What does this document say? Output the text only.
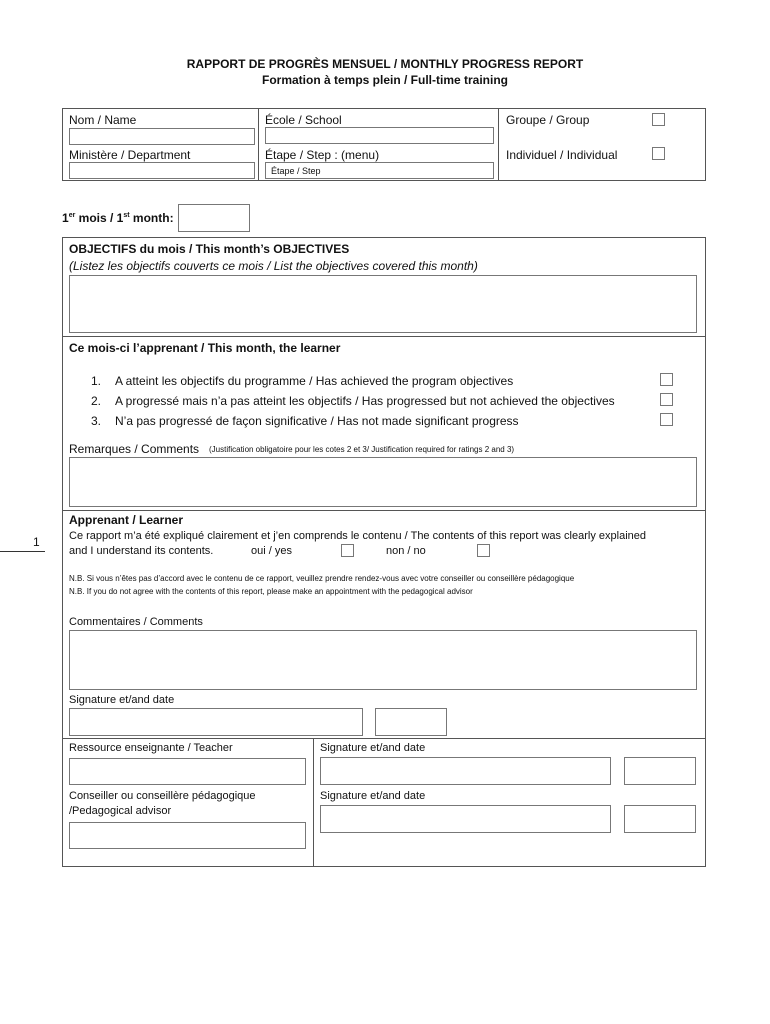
RAPPORT DE PROGRÈS MENSUEL / MONTHLY PROGRESS REPORT
Formation à temps plein / Full-time training
Nom / Name
Ministère / Department
École / School
Étape / Step : (menu)
Étape / Step
Groupe / Group
Individuel / Individual
1er mois / 1st month:
OBJECTIFS du mois / This month’s OBJECTIVES
(Listez les objectifs couverts ce mois / List the objectives covered this month)
Ce mois-ci l’apprenant / This month, the learner
1. A atteint les objectifs du programme / Has achieved the program objectives
2. A progressé mais n’a pas atteint les objectifs / Has progressed but not achieved the objectives
3. N’a pas progressé de façon significative / Has not made significant progress
Remarques / Comments (Justification obligatoire pour les cotes 2 et 3/ Justification required for ratings 2 and 3)
Apprenant / Learner
Ce rapport m’a été expliqué clairement et j’en comprends le contenu / The contents of this report was clearly explained
and I understand its contents.	oui / yes	non / no
N.B. Si vous n’êtes pas d’accord avec le contenu de ce rapport, veuillez prendre rendez-vous avec votre conseiller ou conseillère pédagogique
N.B. If you do not agree with the contents of this report, please make an appointment with the pedagogical advisor
Commentaires / Comments
Signature et/and date
Ressource enseignante / Teacher	Signature et/and date
Conseiller ou conseillère pédagogique
/Pedagogical advisor
Signature et/and date
1
